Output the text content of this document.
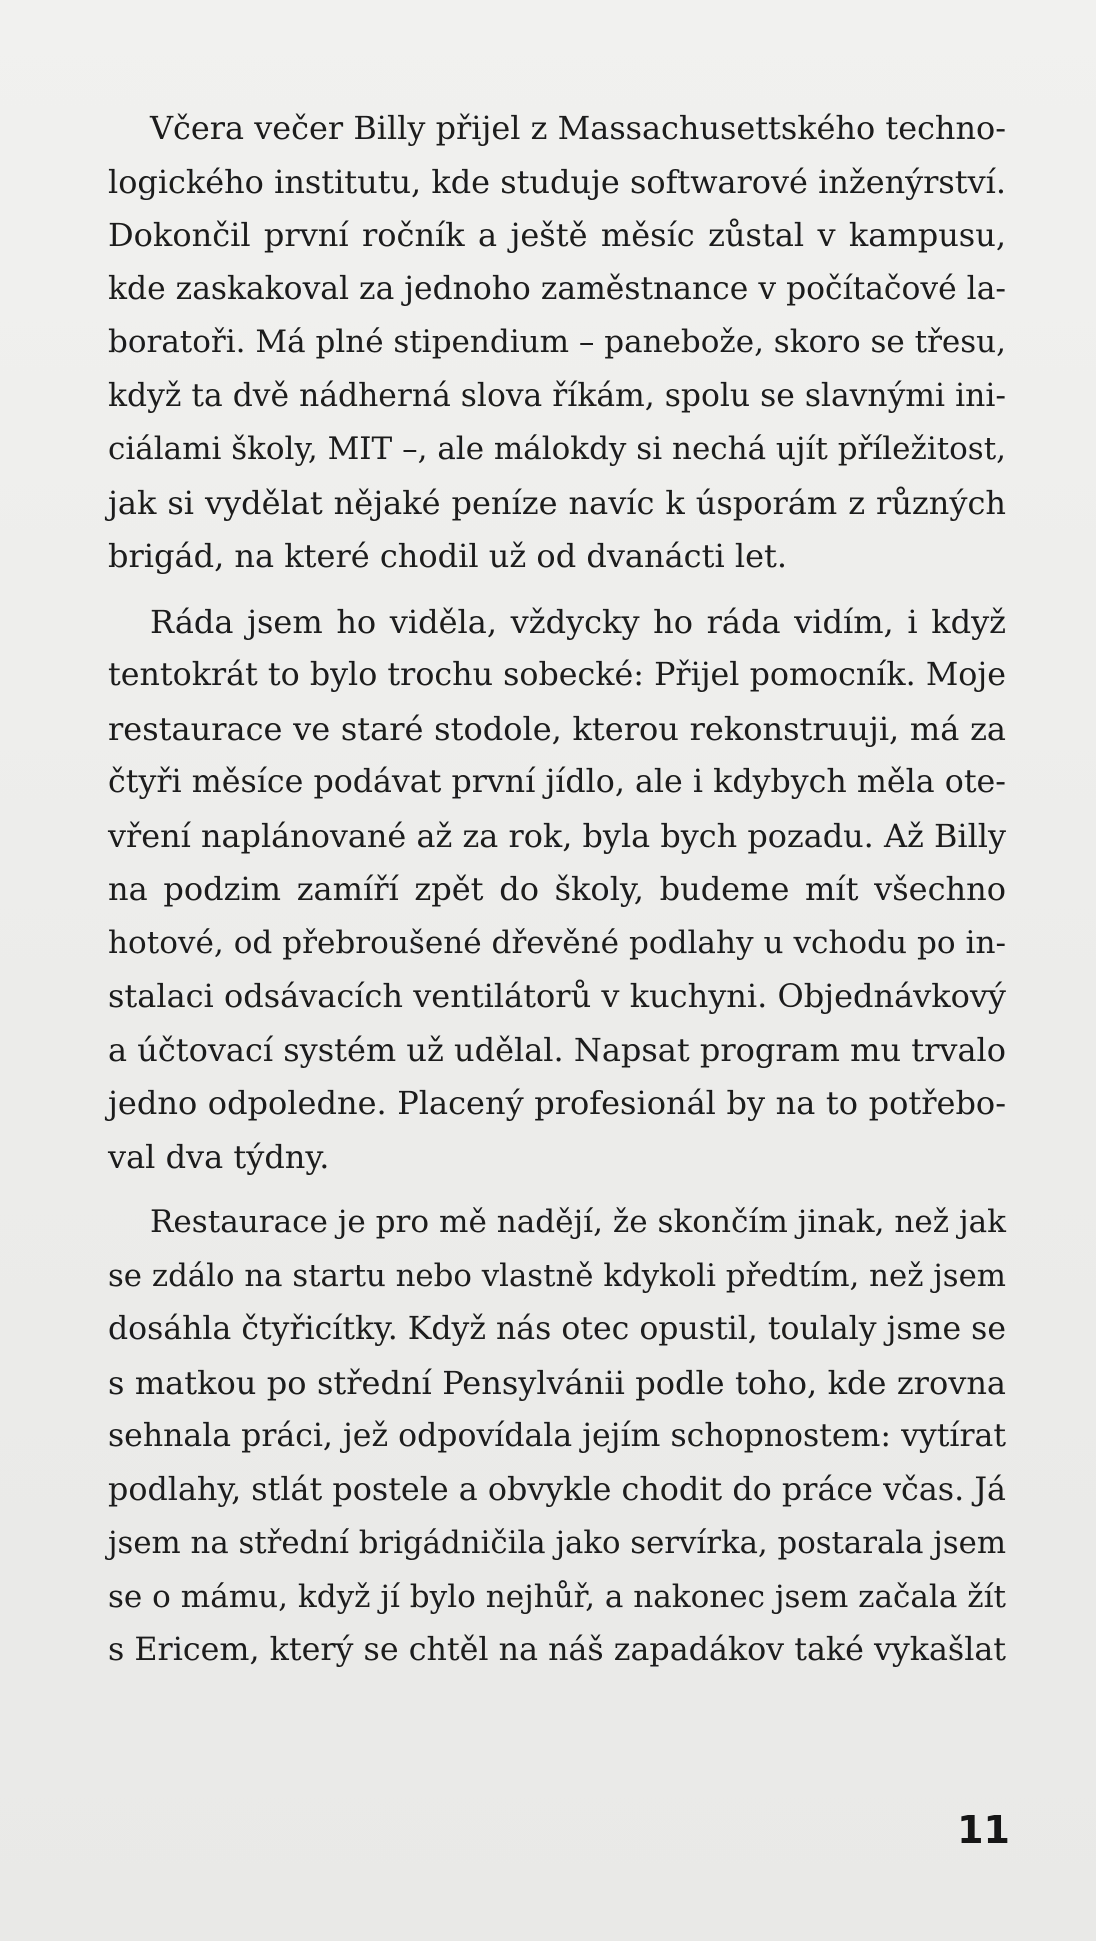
Včera večer Billy přijel z Massachusettského techno-
logického institutu, kde studuje softwarové inženýrství.
Dokončil první ročník a ještě měsíc zůstal v kampusu,
kde zaskakoval za jednoho zaměstnance v počítačové la-
boratoři. Má plné stipendium – panebože, skoro se třesu,
když ta dvě nádherná slova říkám, spolu se slavnými ini-
ciálami školy, MIT –, ale málokdy si nechá ujít příležitost,
jak si vydělat nějaké peníze navíc k úsporám z různých
brigád, na které chodil už od dvanácti let.
Ráda jsem ho viděla, vždycky ho ráda vidím, i když
tentokrát to bylo trochu sobecké: Přijel pomocník. Moje
restaurace ve staré stodole, kterou rekonstruuji, má za
čtyři měsíce podávat první jídlo, ale i kdybych měla ote-
vření naplánované až za rok, byla bych pozadu. Až Billy
na podzim zamíří zpět do školy, budeme mít všechno
hotové, od přebroušené dřevěné podlahy u vchodu po in-
stalaci odsávacích ventilátorů v kuchyni. Objednávkový
a účtovací systém už udělal. Napsat program mu trvalo
jedno odpoledne. Placený profesionál by na to potřebo-
val dva týdny.
Restaurace je pro mě nadějí, že skončím jinak, než jak
se zdálo na startu nebo vlastně kdykoli předtím, než jsem
dosáhla čtyřicítky. Když nás otec opustil, toulaly jsme se
s matkou po střední Pensylvánii podle toho, kde zrovna
sehnala práci, jež odpovídala jejím schopnostem: vytírat
podlahy, stlát postele a obvykle chodit do práce včas. Já
jsem na střední brigádničila jako servírka, postarala jsem
se o mámu, když jí bylo nejhůř, a nakonec jsem začala žít
s Ericem, který se chtěl na náš zapadákov také vykašlat
11
